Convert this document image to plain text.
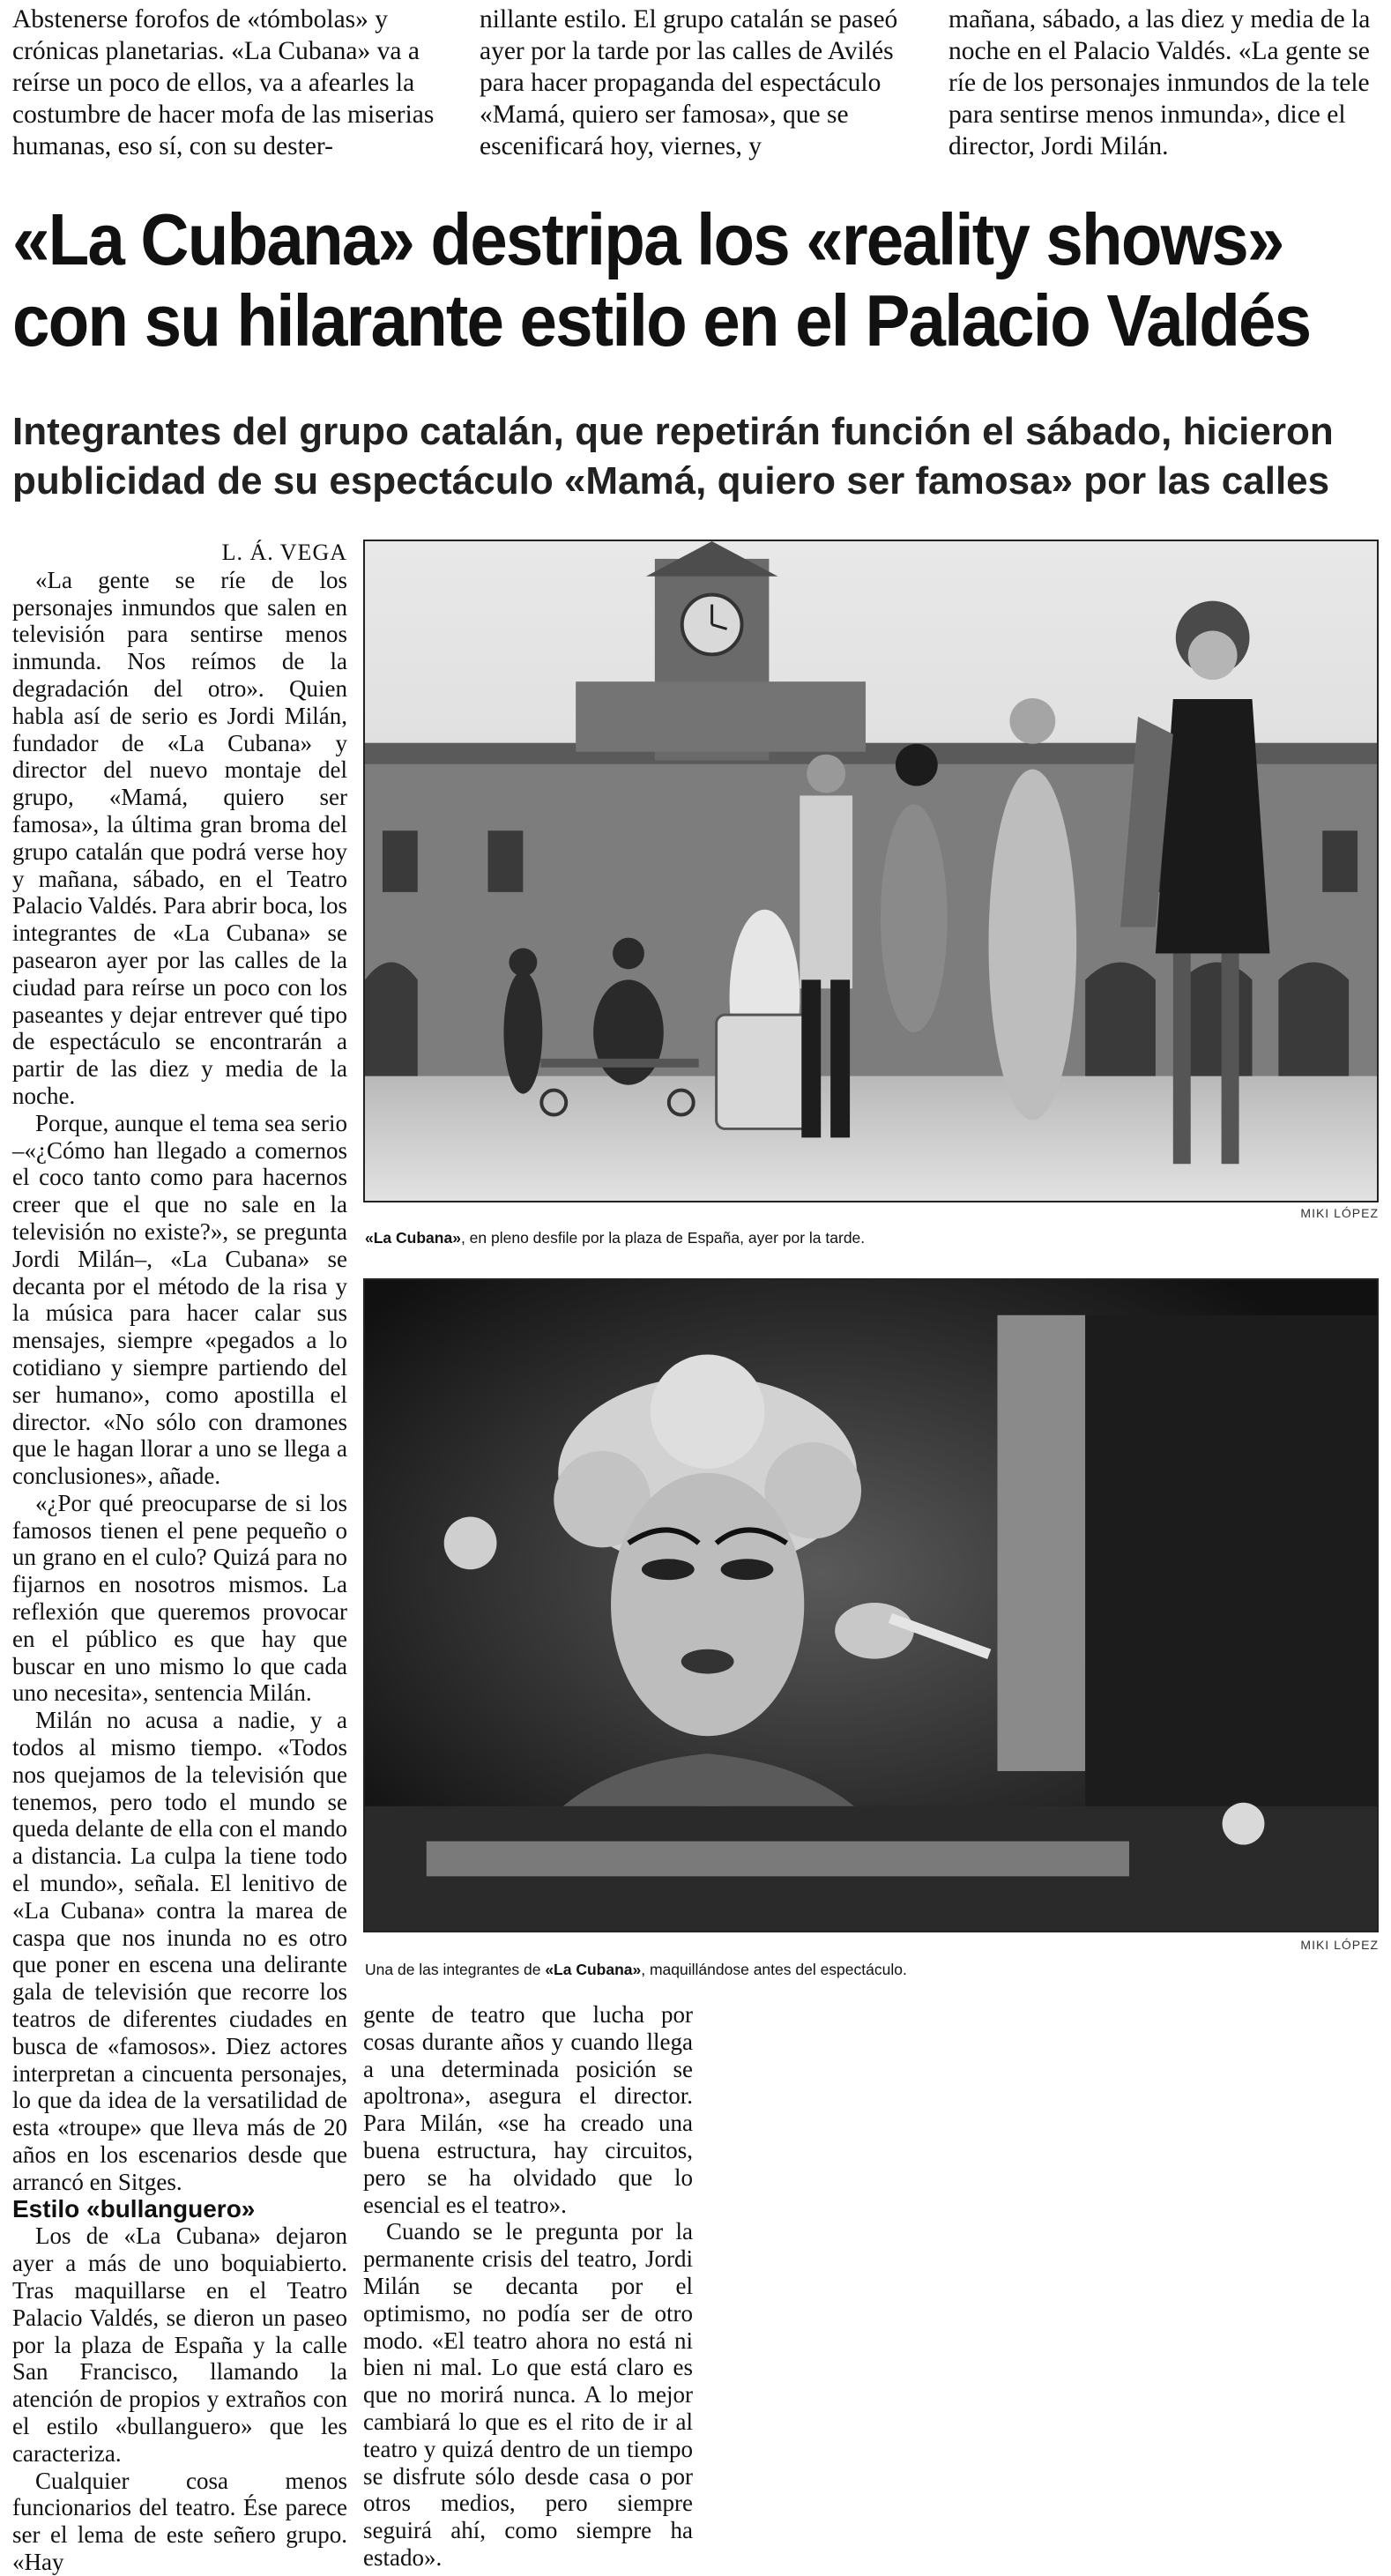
Abstenerse forofos de «tómbolas» y crónicas planetarias. «La Cubana» va a reírse un poco de ellos, va a afearles la costumbre de hacer mofa de las miserias humanas, eso sí, con su dester-
nillante estilo. El grupo catalán se paseó ayer por la tarde por las calles de Avilés para hacer propaganda del espectáculo «Mamá, quiero ser famosa», que se escenificará hoy, viernes, y
mañana, sábado, a las diez y media de la noche en el Palacio Valdés. «La gente se ríe de los personajes inmundos de la tele para sentirse menos inmunda», dice el director, Jordi Milán.
«La Cubana» destripa los «reality shows»
con su hilarante estilo en el Palacio Valdés
Integrantes del grupo catalán, que repetirán función el sábado, hicieron publicidad de su espectáculo «Mamá, quiero ser famosa» por las calles

L. Á. VEGA

«La gente se ríe de los personajes inmundos que salen en televisión para sentirse menos inmunda. Nos reímos de la degradación del otro». Quien habla así de serio es Jordi Milán, fundador de «La Cubana» y director del nuevo montaje del grupo, «Mamá, quiero ser famosa», la última gran broma del grupo catalán que podrá verse hoy y mañana, sábado, en el Teatro Palacio Valdés. Para abrir boca, los integrantes de «La Cubana» se pasearon ayer por las calles de la ciudad para reírse un poco con los paseantes y dejar entrever qué tipo de espectáculo se encontrarán a partir de las diez y media de la noche.

Porque, aunque el tema sea serio –«¿Cómo han llegado a comernos el coco tanto como para hacernos creer que el que no sale en la televisión no existe?», se pregunta Jordi Milán–, «La Cubana» se decanta por el método de la risa y la música para hacer calar sus mensajes, siempre «pegados a lo cotidiano y siempre partiendo del ser humano», como apostilla el director. «No sólo con dramones que le hagan llorar a uno se llega a conclusiones», añade.

«¿Por qué preocuparse de si los famosos tienen el pene pequeño o un grano en el culo? Quizá para no fijarnos en nosotros mismos. La reflexión que queremos provocar en el público es que hay que buscar en uno mismo lo que cada uno necesita», sentencia Milán.

Milán no acusa a nadie, y a todos al mismo tiempo. «Todos nos quejamos de la televisión que tenemos, pero todo el mundo se queda delante de ella con el mando a distancia. La culpa la tiene todo el mundo», señala. El lenitivo de «La Cubana» contra la marea de caspa que nos inunda no es otro que poner en escena una delirante gala de televisión que recorre los teatros de diferentes ciudades en busca de «famosos». Diez actores interpretan a cincuenta personajes, lo que da idea de la versatilidad de esta «troupe» que lleva más de 20 años en los escenarios desde que arrancó en Sitges.

Estilo «bullanguero»

Los de «La Cubana» dejaron ayer a más de uno boquiabierto. Tras maquillarse en el Teatro Palacio Valdés, se dieron un paseo por la plaza de España y la calle San Francisco, llamando la atención de propios y extraños con el estilo «bullanguero» que les caracteriza.

Cualquier cosa menos funcionarios del teatro. Ése parece ser el lema de este señero grupo. «Hay

MIKI LÓPEZ
«La Cubana», en pleno desfile por la plaza de España, ayer por la tarde.
MIKI LÓPEZ
Una de las integrantes de «La Cubana», maquillándose antes del espectáculo.

gente de teatro que lucha por cosas durante años y cuando llega a una determinada posición se apoltrona», asegura el director. Para Milán, «se ha creado una buena estructura, hay circuitos, pero se ha olvidado que lo esencial es el teatro».

Cuando se le pregunta por la permanente crisis del teatro, Jordi Milán se decanta por el optimismo, no podía ser de otro modo. «El teatro ahora no está ni bien ni mal. Lo que está claro es que no morirá nunca. A lo mejor cambiará lo que es el rito de ir al teatro y quizá dentro de un tiempo se disfrute sólo desde casa o por otros medios, pero siempre seguirá ahí, como siempre ha estado».
